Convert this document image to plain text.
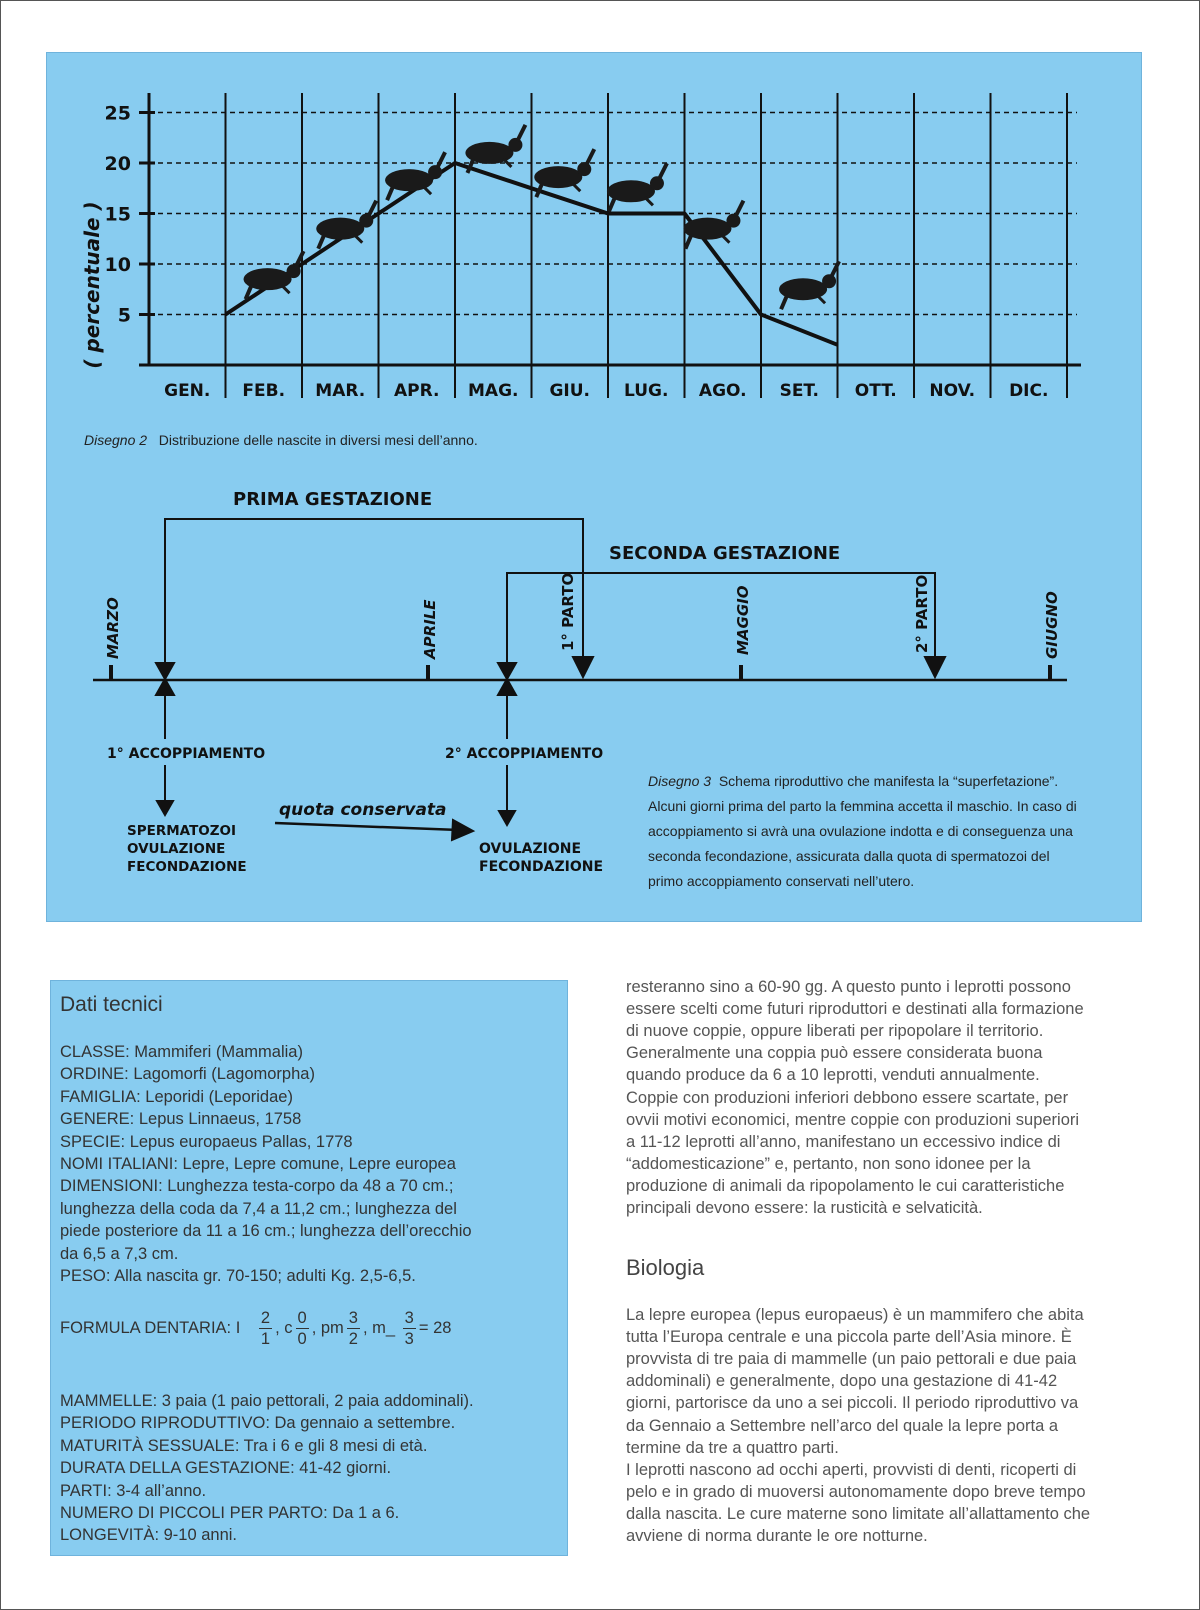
25
20
15
10
5
GEN. FEB. MAR. APR. MAG. GIU. LUG. AGO. SET. OTT. NOV. DIC.
( percentuale )
PRIMA GESTAZIONE
SECONDA GESTAZIONE
MARZO	APRILE	MAGGIO	GIUGNO
1° PARTO	2° PARTO
1° ACCOPPIAMENTO	2° ACCOPPIAMENTO
SPERMATOZOI
OVULAZIONE
FECONDAZIONE
OVULAZIONE
FECONDAZIONE
quota conservata
Disegno 2 Distribuzione delle nascite in diversi mesi dell’anno.
Disegno 3 Schema riproduttivo che manifesta la “superfetazione”.
Alcuni giorni prima del parto la femmina accetta il maschio. In caso di
accoppiamento si avrà una ovulazione indotta e di conseguenza una
seconda fecondazione, assicurata dalla quota di spermatozoi del
primo accoppiamento conservati nell’utero.
Dati tecnici
CLASSE: Mammiferi (Mammalia)
ORDINE: Lagomorfi (Lagomorpha)
FAMIGLIA: Leporidi (Leporidae)
GENERE: Lepus Linnaeus, 1758
SPECIE: Lepus europaeus Pallas, 1778
NOMI ITALIANI: Lepre, Lepre comune, Lepre europea
DIMENSIONI: Lunghezza testa-corpo da 48 a 70 cm.;
lunghezza della coda da 7,4 a 11,2 cm.; lunghezza del
piede posteriore da 11 a 16 cm.; lunghezza dell’orecchio
da 6,5 a 7,3 cm.
PESO: Alla nascita gr. 70-150; adulti Kg. 2,5-6,5.
FORMULA DENTARIA: I $\frac{2}{1}$ , c $\frac{0}{0}$ , pm $\frac{3}{2}$ , m_ $\frac{3}{3} = 28$
MAMMELLE: 3 paia (1 paio pettorali, 2 paia addominali).
PERIODO RIPRODUTTIVO: Da gennaio a settembre.
MATURITÀ SESSUALE: Tra i 6 e gli 8 mesi di età.
DURATA DELLA GESTAZIONE: 41-42 giorni.
PARTI: 3-4 all’anno.
NUMERO DI PICCOLI PER PARTO: Da 1 a 6.
LONGEVITÀ: 9-10 anni.
resteranno sino a 60-90 gg. A questo punto i leprotti possono
essere scelti come futuri riproduttori e destinati alla formazione
di nuove coppie, oppure liberati per ripopolare il territorio.
Generalmente una coppia può essere considerata buona
quando produce da 6 a 10 leprotti, venduti annualmente.
Coppie con produzioni inferiori debbono essere scartate, per
ovvii motivi economici, mentre coppie con produzioni superiori
a 11-12 leprotti all’anno, manifestano un eccessivo indice di
“addomesticazione” e, pertanto, non sono idonee per la
produzione di animali da ripopolamento le cui caratteristiche
principali devono essere: la rusticità e selvaticità.
Biologia
La lepre europea (lepus europaeus) è un mammifero che abita
tutta l’Europa centrale e una piccola parte dell’Asia minore. È
provvista di tre paia di mammelle (un paio pettorali e due paia
addominali) e generalmente, dopo una gestazione di 41-42
giorni, partorisce da uno a sei piccoli. Il periodo riproduttivo va
da Gennaio a Settembre nell’arco del quale la lepre porta a
termine da tre a quattro parti.
I leprotti nascono ad occhi aperti, provvisti di denti, ricoperti di
pelo e in grado di muoversi autonomamente dopo breve tempo
dalla nascita. Le cure materne sono limitate all’allattamento che
avviene di norma durante le ore notturne.
